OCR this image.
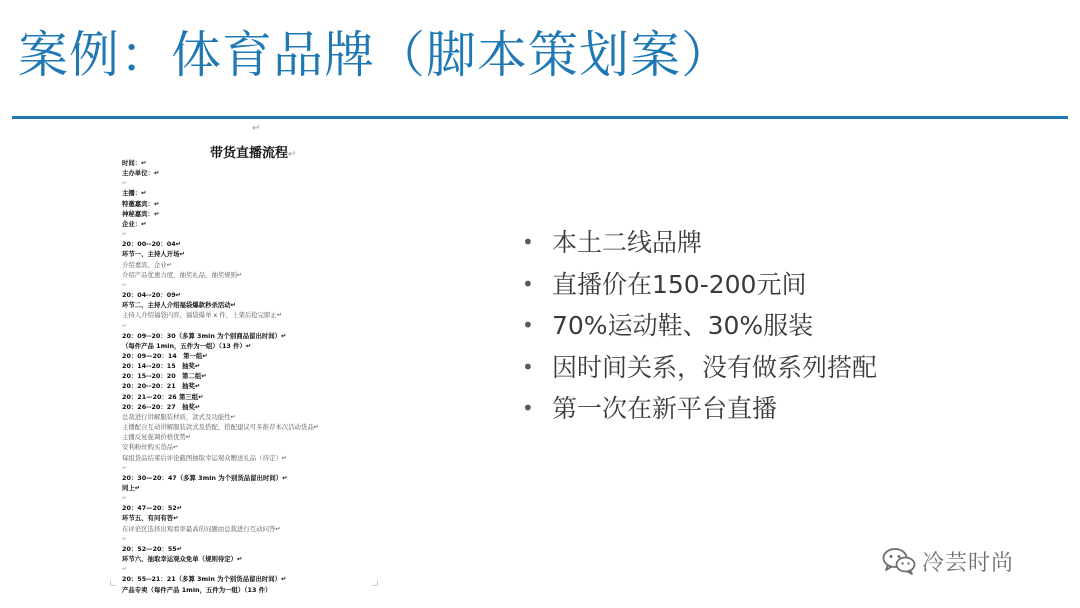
案例：体育品牌（脚本策划案）
↵
带货直播流程↵
时间：↵
主办单位：↵
↵
主播：↵
特邀嘉宾：↵
神秘嘉宾：↵
企业：↵
↵
20：00--20：04↵
环节一、主持人开场↵
介绍嘉宾、企业↵
介绍产品优惠力度，抽奖礼品，抽奖规则↵
↵
20：04--20：09↵
环节二、主持人介绍福袋爆款秒杀活动↵
主持人介绍福袋内容，福袋爆单 x 件，上架后抢完即止↵
↵
20：09--20：30（多算 3min 为个别商品留出时间）↵
（每件产品 1min，五件为一组）（13 件）↵
20：09—20：14　第一组↵
20：14--20：15　抽奖↵
20：15--20：20　第二组↵
20：20--20：21　抽奖↵
20：21—20：26 第三组↵
20：26--20：27　抽奖↵
总裁进行讲解服装材质，款式及功能性↵
主播配合互动讲解服装款式及搭配，搭配建议可多推荐本次活动货品↵
主播反复强调价格优势↵
安利粉丝购买货品↵
每组货品结束后评论截图抽取幸运观众赠送礼品（待定）↵
↵
20：30—20：47（多算 3min 为个别货品留出时间）↵
同上↵
↵
20：47—20：52↵
环节五、有问有答↵
在评论区选择出观看率最高的问题由总裁进行互动问答↵
↵
20：52—20：55↵
环节六、抽取幸运观众免单（规则待定）↵
↵
20：55--21：21（多算 3min 为个别货品留出时间）↵
产品专卖（每件产品 1min，五件为一组）（13 件）
• 本土二线品牌
• 直播价在150-200元间
• 70%运动鞋、30%服装
• 因时间关系，没有做系列搭配
• 第一次在新平台直播
冷芸时尚
